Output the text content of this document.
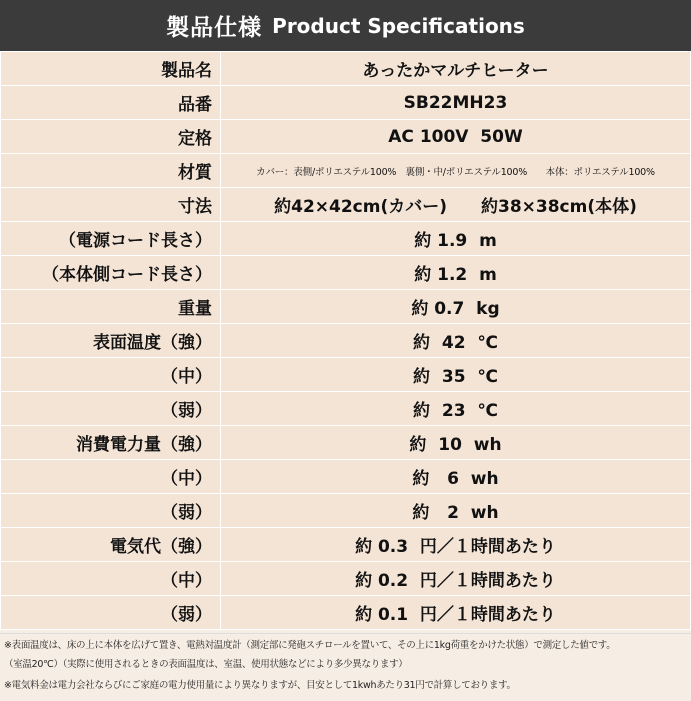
製品仕様 Product Specifications
製品名	あったかマルチヒーター
品番	SB22MH23
定格	AC 100V  50W
材質	カバー：表側/ポリエステル100%　裏側・中/ポリエステル100%　　本体：ポリエステル100%
寸法	約42×42cm(カバー)　　約38×38cm(本体)
（電源コード長さ）	約 1.9  m
（本体側コード長さ）	約 1.2  m
重量	約 0.7  kg
表面温度（強）	約  42  ℃
（中）	約  35  ℃
（弱）	約  23  ℃
消費電力量（強）	約  10  wh
（中）	約   6  wh
（弱）	約   2  wh
電気代（強）	約 0.3  円／１時間あたり
（中）	約 0.2  円／１時間あたり
（弱）	約 0.1  円／１時間あたり
※表面温度は、床の上に本体を広げて置き、電熱対温度計（測定部に発砲スチロールを置いて、その上に1kg荷重をかけた状態）で測定した値です。
（室温20℃）（実際に使用されるときの表面温度は、室温、使用状態などにより多少異なります）
※電気料金は電力会社ならびにご家庭の電力使用量により異なりますが、目安として1kwhあたり31円で計算しております。
